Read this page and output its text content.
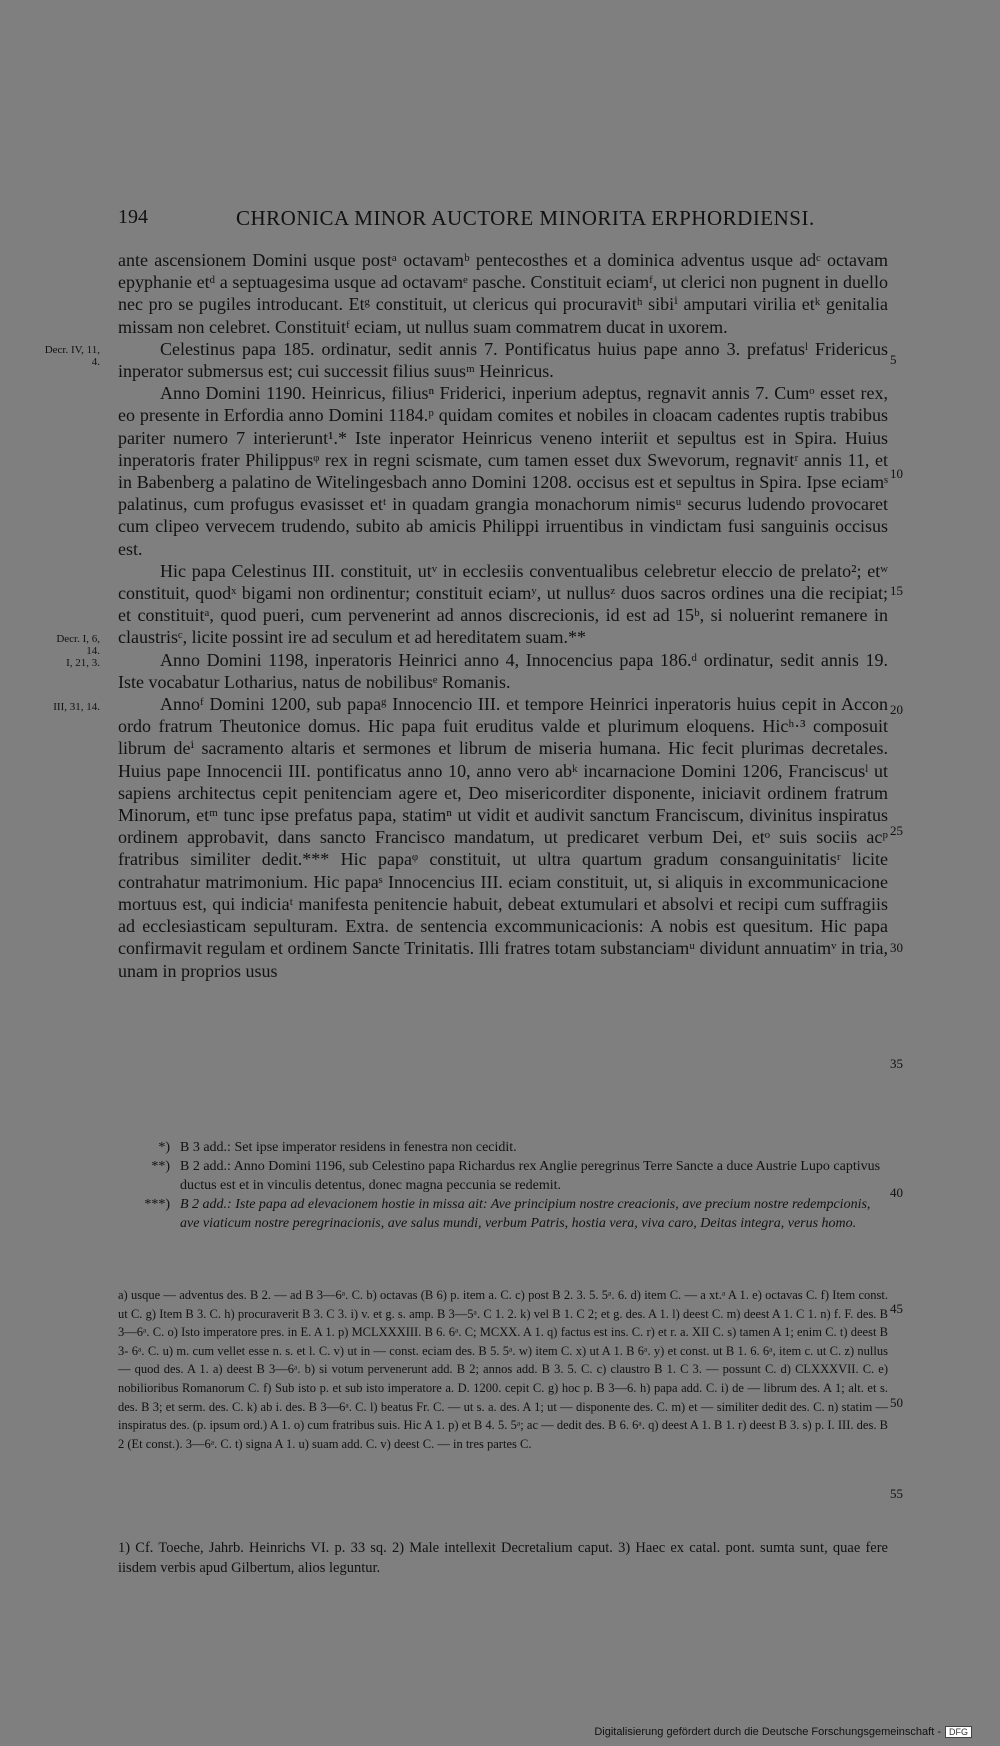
194	CHRONICA MINOR AUCTORE MINORITA ERPHORDIENSI.

ante ascensionem Domini usque postᵃ octavamᵇ pentecosthes et a dominica adventus usque adᶜ octavam epyphanie etᵈ a septuagesima usque ad octavamᵉ pasche. Constituit eciamᶠ, ut clerici non pugnent in duello nec pro se pugiles introducant. Etᵍ constituit, ut clericus qui procuravitʰ sibiⁱ amputari virilia etᵏ genitalia missam non celebret. Constituitᶠ eciam, ut nullus suam commatrem ducat in uxorem.

Celestinus papa 185. ordinatur, sedit annis 7. Pontificatus huius pape anno 3. prefatusˡ Fridericus inperator submersus est; cui successit filius suusᵐ Heinricus.

Anno Domini 1190. Heinricus, filiusⁿ Friderici, inperium adeptus, regnavit annis 7. Cumᵒ esset rex, eo presente in Erfordia anno Domini 1184.ᵖ quidam comites et nobiles in cloacam cadentes ruptis trabibus pariter numero 7 interierunt¹.* Iste inperator Heinricus veneno interiit et sepultus est in Spira. Huius inperatoris frater Philippusᵠ rex in regni scismate, cum tamen esset dux Swevorum, regnavitʳ annis 11, et in Babenberg a palatino de Witelingesbach anno Domini 1208. occisus est et sepultus in Spira. Ipse eciamˢ palatinus, cum profugus evasisset etᵗ in quadam grangia monachorum nimisᵘ securus ludendo provocaret cum clipeo vervecem trudendo, subito ab amicis Philippi irruentibus in vindictam fusi sanguinis occisus est.

Hic papa Celestinus III. constituit, utᵛ in ecclesiis conventualibus celebretur eleccio de prelato²; etʷ constituit, quodˣ bigami non ordinentur; constituit eciamʸ, ut nullusᶻ duos sacros ordines una die recipiat; et constituitᵃ, quod pueri, cum pervenerint ad annos discrecionis, id est ad 15ᵇ, si noluerint remanere in claustrisᶜ, licite possint ire ad seculum et ad hereditatem suam.**

Anno Domini 1198, inperatoris Heinrici anno 4, Innocencius papa 186.ᵈ ordinatur, sedit annis 19. Iste vocabatur Lotharius, natus de nobilibusᵉ Romanis.

Annoᶠ Domini 1200, sub papaᵍ Innocencio III. et tempore Heinrici inperatoris huius cepit in Accon ordo fratrum Theutonice domus. Hic papa fuit eruditus valde et plurimum eloquens. Hicʰ·³ composuit librum deⁱ sacramento altaris et sermones et librum de miseria humana. Hic fecit plurimas decretales. Huius pape Innocencii III. pontificatus anno 10, anno vero abᵏ incarnacione Domini 1206, Franciscusˡ ut sapiens architectus cepit penitenciam agere et, Deo misericorditer disponente, iniciavit ordinem fratrum Minorum, etᵐ tunc ipse prefatus papa, statimⁿ ut vidit et audivit sanctum Franciscum, divinitus inspiratus ordinem approbavit, dans sancto Francisco mandatum, ut predicaret verbum Dei, etᵒ suis sociis acᵖ fratribus similiter dedit.*** Hic papaᵠ constituit, ut ultra quartum gradum consanguinitatisʳ licite contrahatur matrimonium. Hic papaˢ Innocencius III. eciam constituit, ut, si aliquis in excommunicacione mortuus est, qui indiciaᵗ manifesta penitencie habuit, debeat extumulari et absolvi et recipi cum suffragiis ad ecclesiasticam sepulturam. Extra. de sentencia excommunicacionis: A nobis est quesitum. Hic papa confirmavit regulam et ordinem Sancte Trinitatis. Illi fratres totam substanciamᵘ dividunt annuatimᵛ in tria, unam in proprios usus

Decr. IV, 11, 4.
Decr. I, 6, 14.
I, 21, 3.
III, 31, 14.
5
10
15
20
25
30
35
40
45
50
55
*) B 3 add.: Set ipse imperator residens in fenestra non cecidit.
**) B 2 add.: Anno Domini 1196, sub Celestino papa Richardus rex Anglie peregrinus Terre Sancte a duce Austrie Lupo captivus ductus est et in vinculis detentus, donec magna peccunia se redemit.
***) B 2 add.: Iste papa ad elevacionem hostie in missa ait: Ave principium nostre creacionis, ave precium nostre redempcionis, ave viaticum nostre peregrinacionis, ave salus mundi, verbum Patris, hostia vera, viva caro, Deitas integra, verus homo.
a) usque — adventus des. B 2. — ad B 3—6ᵃ. C. b) octavas (B 6) p. item a. C. c) post B 2. 3. 5. 5ᵃ. 6. d) item C. — a xt.ᵃ A 1. e) octavas C. f) Item const. ut C. g) Item B 3. C. h) procuraverit B 3. C 3. i) v. et g. s. amp. B 3—5ᵃ. C 1. 2. k) vel B 1. C 2; et g. des. A 1. l) deest C. m) deest A 1. C 1. n) f. F. des. B 3—6ᵃ. C. o) Isto imperatore pres. in E. A 1. p) MCLXXXIII. B 6. 6ᵃ. C; MCXX. A 1. q) factus est ins. C. r) et r. a. XII C. s) tamen A 1; enim C. t) deest B 3- 6ᵃ. C. u) m. cum vellet esse n. s. et l. C. v) ut in — const. eciam des. B 5. 5ᵃ. w) item C. x) ut A 1. B 6ᵃ. y) et const. ut B 1. 6. 6ᵃ, item c. ut C. z) nullus — quod des. A 1. a) deest B 3—6ᵃ. b) si votum pervenerunt add. B 2; annos add. B 3. 5. C. c) claustro B 1. C 3. — possunt C. d) CLXXXVII. C. e) nobilioribus Romanorum C. f) Sub isto p. et sub isto imperatore a. D. 1200. cepit C. g) hoc p. B 3—6. h) papa add. C. i) de — librum des. A 1; alt. et s. des. B 3; et serm. des. C. k) ab i. des. B 3—6ᵃ. C. l) beatus Fr. C. — ut s. a. des. A 1; ut — disponente des. C. m) et — similiter dedit des. C. n) statim — inspiratus des. (p. ipsum ord.) A 1. o) cum fratribus suis. Hic A 1. p) et B 4. 5. 5ᵃ; ac — dedit des. B 6. 6ᵃ. q) deest A 1. B 1. r) deest B 3. s) p. I. III. des. B 2 (Et const.). 3—6ᵃ. C. t) signa A 1. u) suam add. C. v) deest C. — in tres partes C.
1) Cf. Toeche, Jahrb. Heinrichs VI. p. 33 sq. 2) Male intellexit Decretalium caput. 3) Haec ex catal. pont. sumta sunt, quae fere iisdem verbis apud Gilbertum, alios leguntur.
Digitalisierung gefördert durch die Deutsche Forschungsgemeinschaft - DFG
